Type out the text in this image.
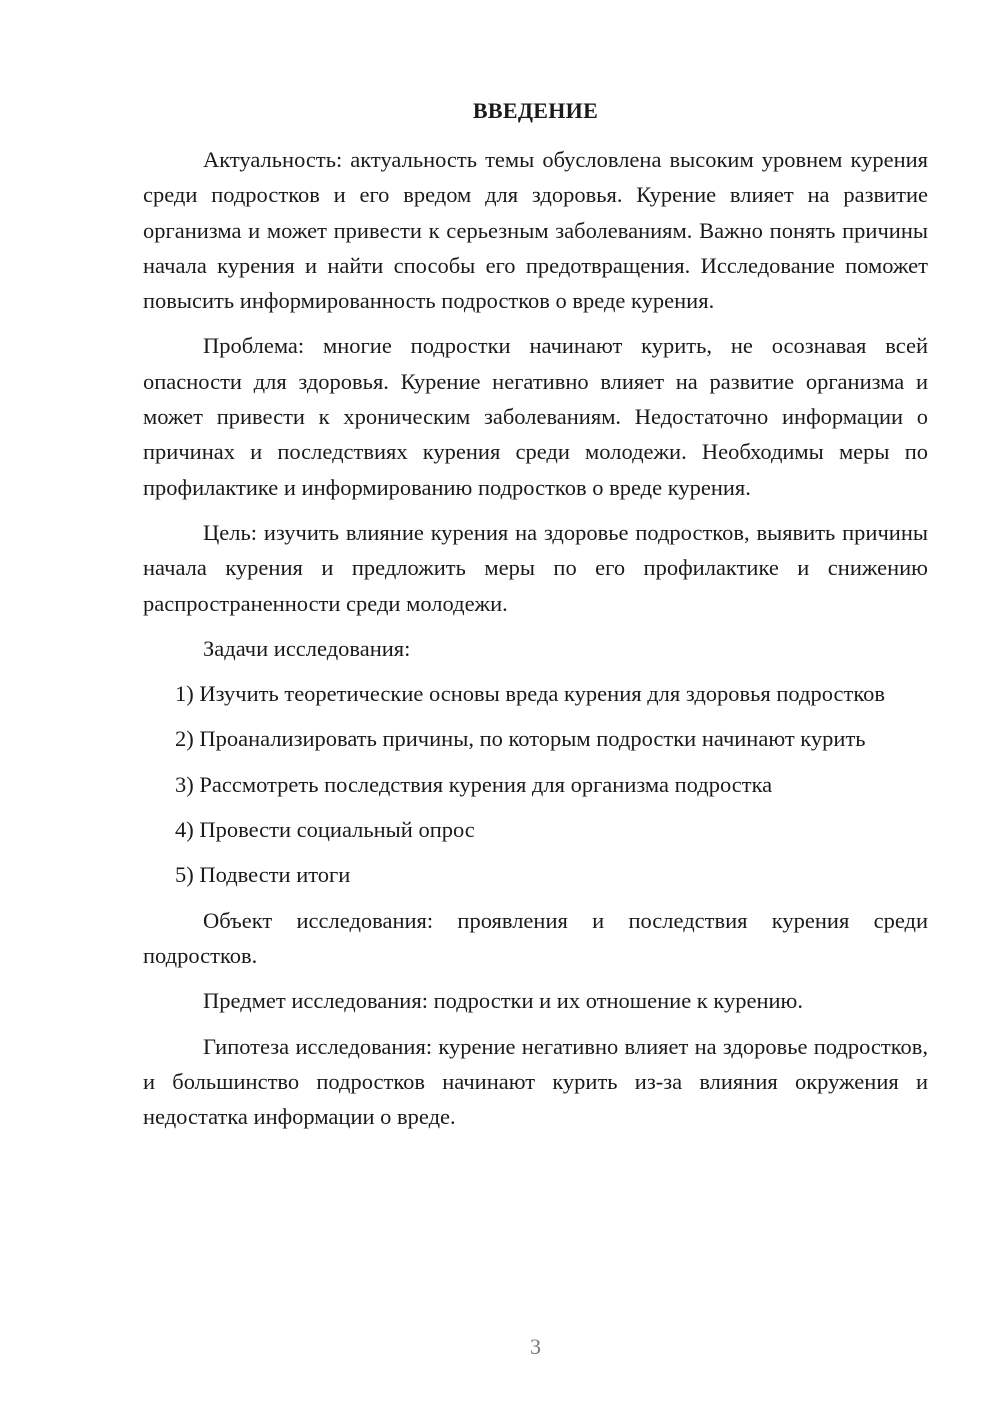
ВВЕДЕНИЕ

Актуальность: актуальность темы обусловлена высоким уровнем курения среди подростков и его вредом для здоровья. Курение влияет на развитие организма и может привести к серьезным заболеваниям. Важно понять причины начала курения и найти способы его предотвращения. Исследование поможет повысить информированность подростков о вреде курения.

Проблема: многие подростки начинают курить, не осознавая всей опасности для здоровья. Курение негативно влияет на развитие организма и может привести к хроническим заболеваниям. Недостаточно информации о причинах и последствиях курения среди молодежи. Необходимы меры по профилактике и информированию подростков о вреде курения.

Цель: изучить влияние курения на здоровье подростков, выявить причины начала курения и предложить меры по его профилактике и снижению распространенности среди молодежи.

Задачи исследования:

1) Изучить теоретические основы вреда курения для здоровья подростков

2) Проанализировать причины, по которым подростки начинают курить

3) Рассмотреть последствия курения для организма подростка

4) Провести социальный опрос

5) Подвести итоги

Объект исследования: проявления и последствия курения среди подростков.

Предмет исследования: подростки и их отношение к курению.

Гипотеза исследования: курение негативно влияет на здоровье подростков, и большинство подростков начинают курить из-за влияния окружения и недостатка информации о вреде.

3
